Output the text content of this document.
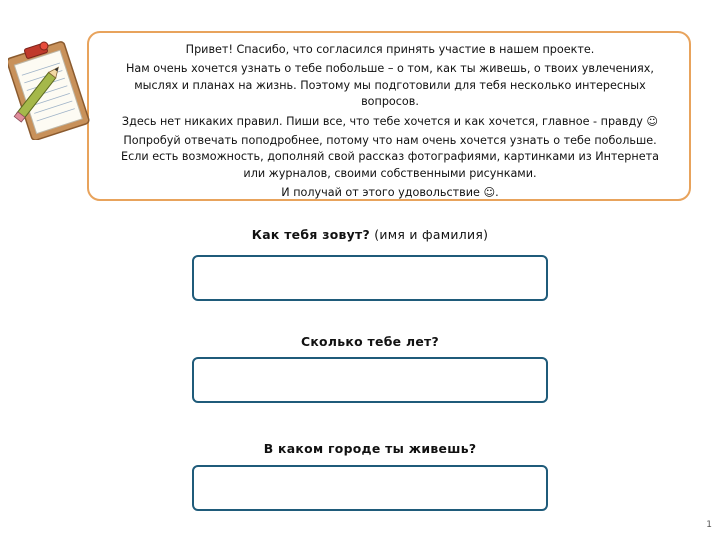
Привет! Спасибо, что согласился принять участие в нашем проекте.

Нам очень хочется узнать о тебе побольше – о том, как ты живешь, о твоих увлечениях, мыслях и планах на жизнь. Поэтому мы подготовили для тебя несколько интересных вопросов.

Здесь нет никаких правил. Пиши все, что тебе хочется и как хочется, главное - правду ☺

Попробуй отвечать поподробнее, потому что нам очень хочется узнать о тебе побольше. Если есть возможность, дополняй свой рассказ фотографиями, картинками из Интернета или журналов, своими собственными рисунками.

И получай от этого удовольствие ☺.

Как тебя зовут? (имя и фамилия)
Сколько тебе лет?
В каком городе ты живешь?
1
